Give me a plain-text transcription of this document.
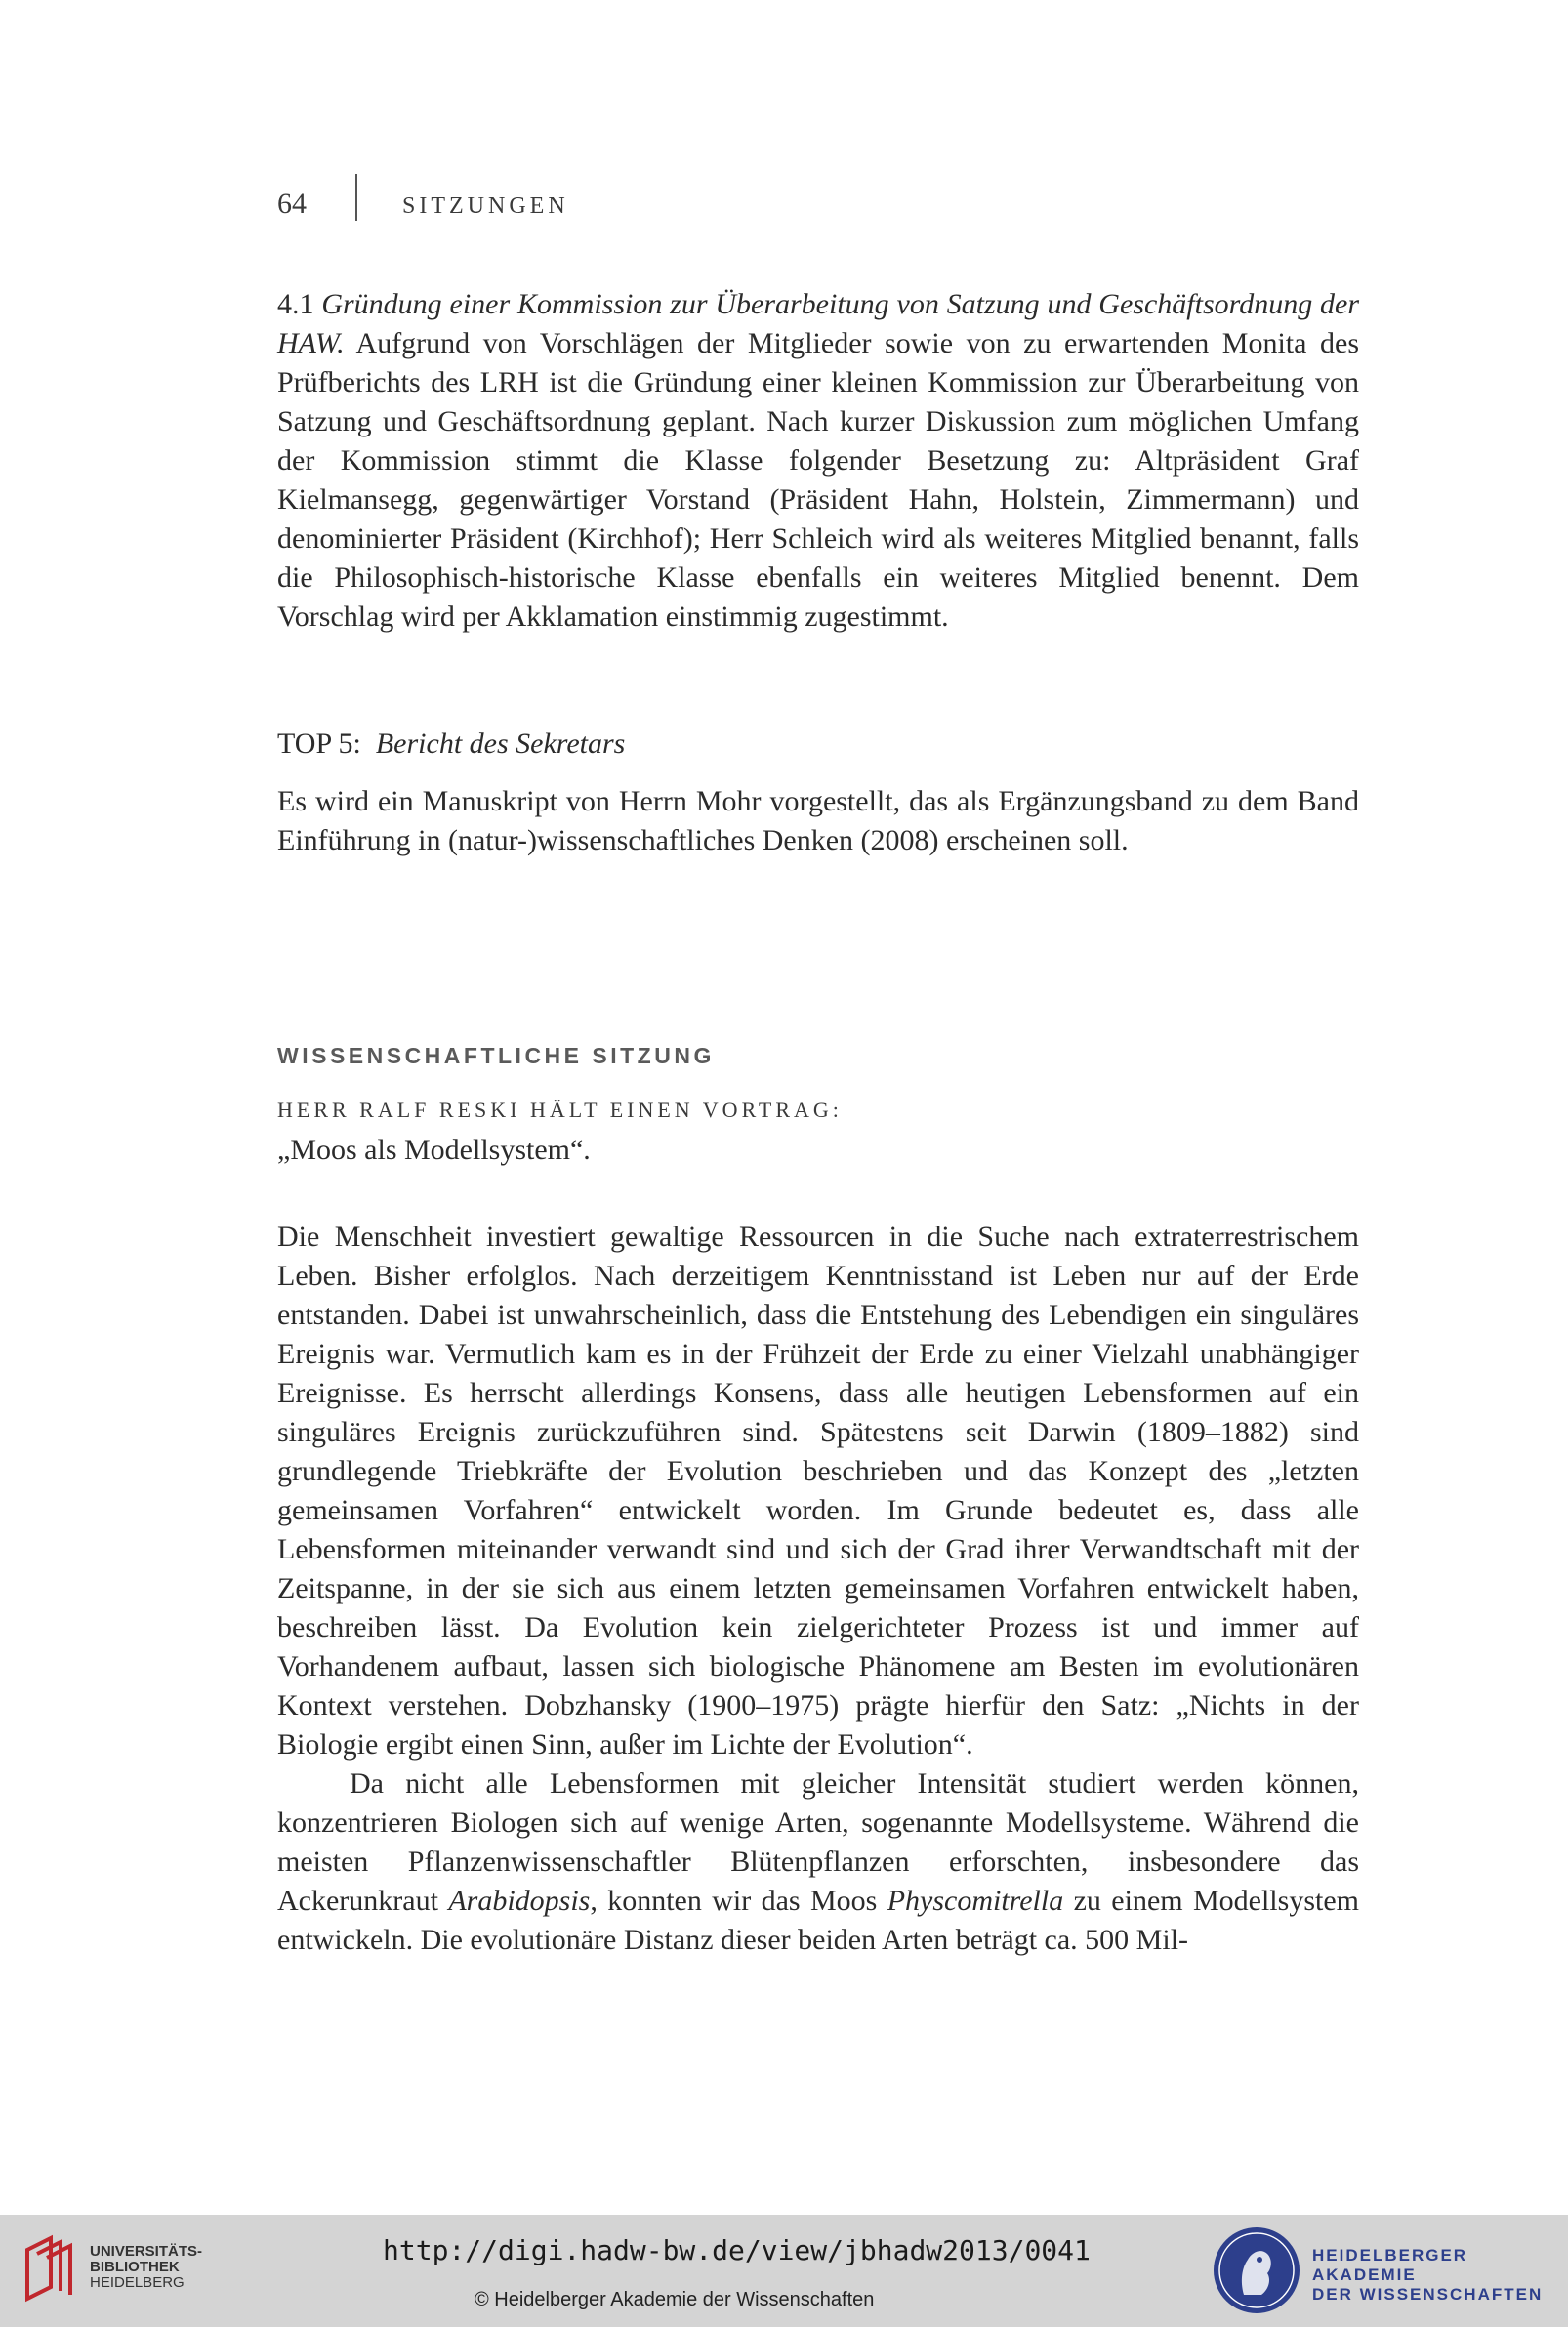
64	SITZUNGEN

4.1 Gründung einer Kommission zur Überarbeitung von Satzung und Geschäftsordnung der HAW. Aufgrund von Vorschlägen der Mitglieder sowie von zu erwartenden Monita des Prüfberichts des LRH ist die Gründung einer kleinen Kommission zur Überarbeitung von Satzung und Geschäftsordnung geplant. Nach kurzer Diskussion zum möglichen Umfang der Kommission stimmt die Klasse folgender Besetzung zu: Altpräsident Graf Kielmansegg, gegenwärtiger Vorstand (Präsident Hahn, Holstein, Zimmermann) und denominierter Präsident (Kirchhof); Herr Schleich wird als weiteres Mitglied benannt, falls die Philosophisch-historische Klasse ebenfalls ein weiteres Mitglied benennt. Dem Vorschlag wird per Akklamation einstimmig zugestimmt.

TOP 5: Bericht des Sekretars

Es wird ein Manuskript von Herrn Mohr vorgestellt, das als Ergänzungsband zu dem Band Einführung in (natur-)wissenschaftliches Denken (2008) erscheinen soll.

WISSENSCHAFTLICHE SITZUNG
HERR RALF RESKI HÄLT EINEN VORTRAG:
„Moos als Modellsystem“.

Die Menschheit investiert gewaltige Ressourcen in die Suche nach extraterrestrischem Leben. Bisher erfolglos. Nach derzeitigem Kenntnisstand ist Leben nur auf der Erde entstanden. Dabei ist unwahrscheinlich, dass die Entstehung des Lebendigen ein singuläres Ereignis war. Vermutlich kam es in der Frühzeit der Erde zu einer Vielzahl unabhängiger Ereignisse. Es herrscht allerdings Konsens, dass alle heutigen Lebensformen auf ein singuläres Ereignis zurückzuführen sind. Spätestens seit Darwin (1809–1882) sind grundlegende Triebkräfte der Evolution beschrieben und das Konzept des „letzten gemeinsamen Vorfahren“ entwickelt worden. Im Grunde bedeutet es, dass alle Lebensformen miteinander verwandt sind und sich der Grad ihrer Verwandtschaft mit der Zeitspanne, in der sie sich aus einem letzten gemeinsamen Vorfahren entwickelt haben, beschreiben lässt. Da Evolution kein zielgerichteter Prozess ist und immer auf Vorhandenem aufbaut, lassen sich biologische Phänomene am Besten im evolutionären Kontext verstehen. Dobzhansky (1900–1975) prägte hierfür den Satz: „Nichts in der Biologie ergibt einen Sinn, außer im Lichte der Evolution“.

Da nicht alle Lebensformen mit gleicher Intensität studiert werden können, konzentrieren Biologen sich auf wenige Arten, sogenannte Modellsysteme. Während die meisten Pflanzenwissenschaftler Blütenpflanzen erforschten, insbesondere das Ackerunkraut Arabidopsis, konnten wir das Moos Physcomitrella zu einem Modellsystem entwickeln. Die evolutionäre Distanz dieser beiden Arten beträgt ca. 500 Mil-

UNIVERSITÄTS-
BIBLIOTHEK
HEIDELBERG
http://digi.hadw-bw.de/view/jbhadw2013/0041
© Heidelberger Akademie der Wissenschaften
HEIDELBERGER AKADEMIE
DER WISSENSCHAFTEN
